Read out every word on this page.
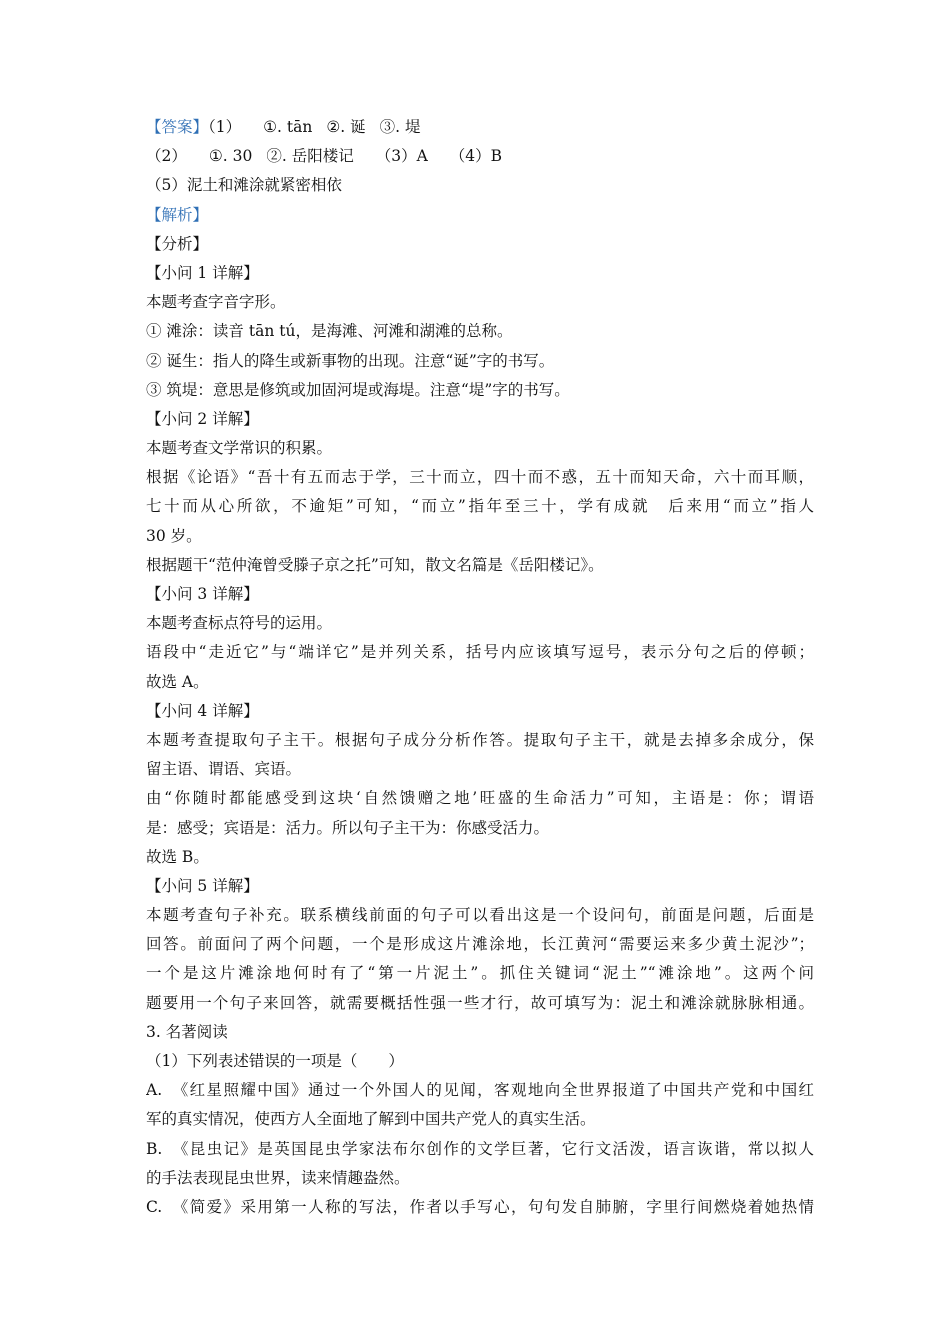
【答案】（1） ①. tān ②. 诞 ③. 堤
（2） ①. 30 ②. 岳阳楼记 （3）A （4）B
（5）泥土和滩涂就紧密相依
【解析】
【分析】
【小问 1 详解】
本题考查字音字形。
① 滩涂：读音 tān tú，是海滩、河滩和湖滩的总称。
② 诞生：指人的降生或新事物的出现。注意“诞”字的书写。
③ 筑堤：意思是修筑或加固河堤或海堤。注意“堤”字的书写。
【小问 2 详解】
本题考查文学常识的积累。
根据《论语》“吾十有五而志于学，三十而立，四十而不惑，五十而知天命，六十而耳顺，
七十而从心所欲，不逾矩”可知，“而立”指年至三十，学有成就　后来用“而立”指人
30 岁。
根据题干“范仲淹曾受滕子京之托”可知，散文名篇是《岳阳楼记》。
【小问 3 详解】
本题考查标点符号的运用。
语段中“走近它”与“端详它”是并列关系，括号内应该填写逗号，表示分句之后的停顿；
故选 A。
【小问 4 详解】
本题考查提取句子主干。根据句子成分分析作答。提取句子主干，就是去掉多余成分，保
留主语、谓语、宾语。
由“你随时都能感受到这块‘自然馈赠之地’旺盛的生命活力”可知，主语是：你；谓语
是：感受；宾语是：活力。所以句子主干为：你感受活力。
故选 B。
【小问 5 详解】
本题考查句子补充。联系横线前面的句子可以看出这是一个设问句，前面是问题，后面是
回答。前面问了两个问题，一个是形成这片滩涂地，长江黄河“需要运来多少黄土泥沙”；
一个是这片滩涂地何时有了“第一片泥土”。抓住关键词“泥土”“滩涂地”。这两个问
题要用一个句子来回答，就需要概括性强一些才行，故可填写为：泥土和滩涂就脉脉相通。
3. 名著阅读
（1）下列表述错误的一项是（　　）
A.　《红星照耀中国》通过一个外国人的见闻，客观地向全世界报道了中国共产党和中国红
军的真实情况，使西方人全面地了解到中国共产党人的真实生活。
B.　《昆虫记》是英国昆虫学家法布尔创作的文学巨著，它行文活泼，语言诙谐，常以拟人
的手法表现昆虫世界，读来情趣盎然。
C.　《简爱》采用第一人称的写法，作者以手写心，句句发自肺腑，字里行间燃烧着她热情
